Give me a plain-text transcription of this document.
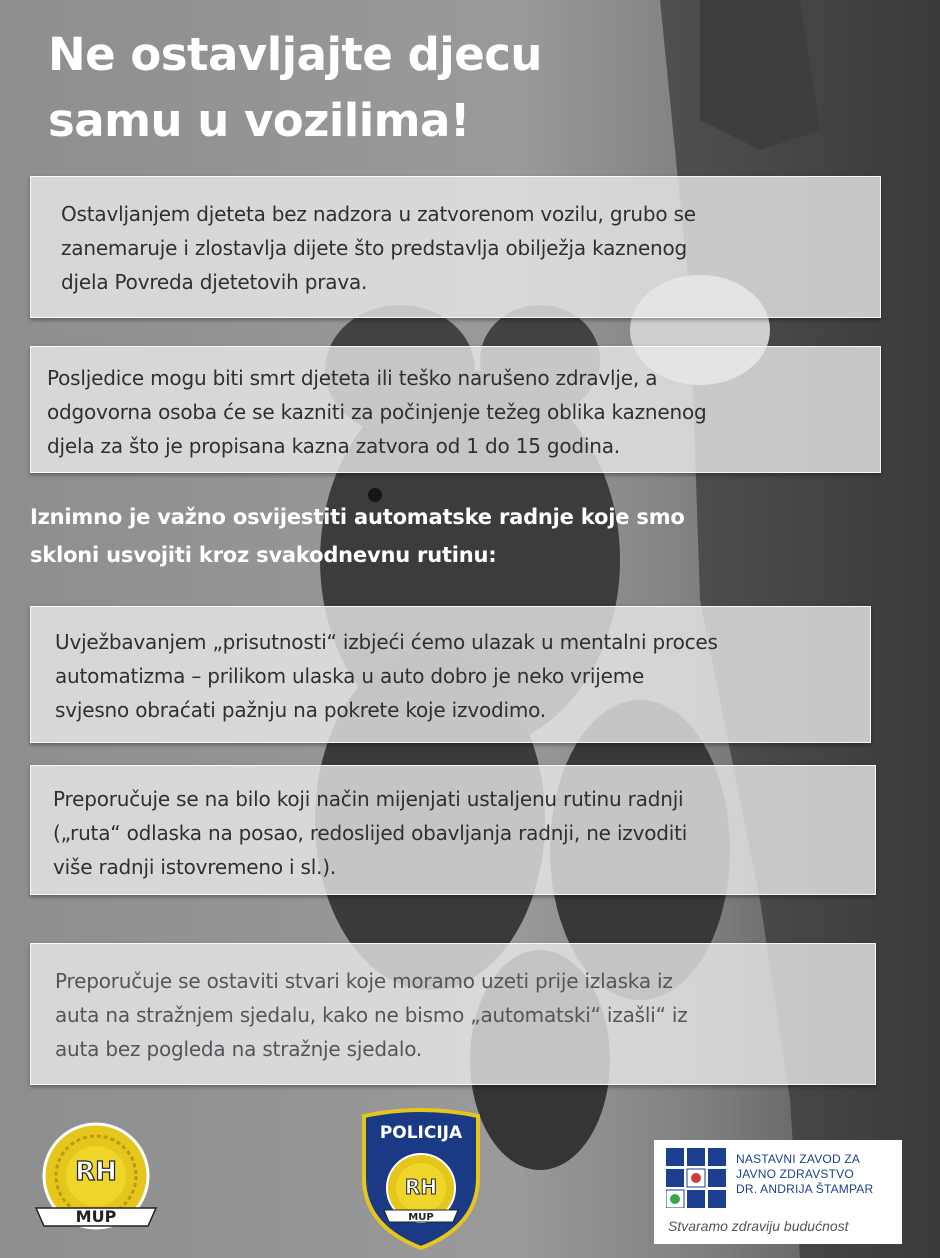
Ne ostavljajte djecu
samu u vozilima!

Ostavljanjem djeteta bez nadzora u zatvorenom vozilu, grubo se

zanemaruje i zlostavlja dijete što predstavlja obilježja kaznenog

djela Povreda djetetovih prava.

Posljedice mogu biti smrt djeteta ili teško narušeno zdravlje, a

odgovorna osoba će se kazniti za počinjenje težeg oblika kaznenog

djela za što je propisana kazna zatvora od 1 do 15 godina.

Iznimno je važno osvijestiti automatske radnje koje smo
skloni usvojiti kroz svakodnevnu rutinu:

Uvježbavanjem „prisutnosti“ izbjeći ćemo ulazak u mentalni proces

automatizma – prilikom ulaska u auto dobro je neko vrijeme

svjesno obraćati pažnju na pokrete koje izvodimo.

Preporučuje se na bilo koji način mijenjati ustaljenu rutinu radnji

(„ruta“ odlaska na posao, redoslijed obavljanja radnji, ne izvoditi

više radnji istovremeno i sl.).

Preporučuje se ostaviti stvari koje moramo uzeti prije izlaska iz

auta na stražnjem sjedalu, kako ne bismo „automatski“ izašli“ iz

auta bez pogleda na stražnje sjedalo.

RH
MUP
POLICIJA
RH
MUP
NASTAVNI ZAVOD ZA
JAVNO ZDRAVSTVO
DR. ANDRIJA ŠTAMPAR
Stvaramo zdraviju budućnost
